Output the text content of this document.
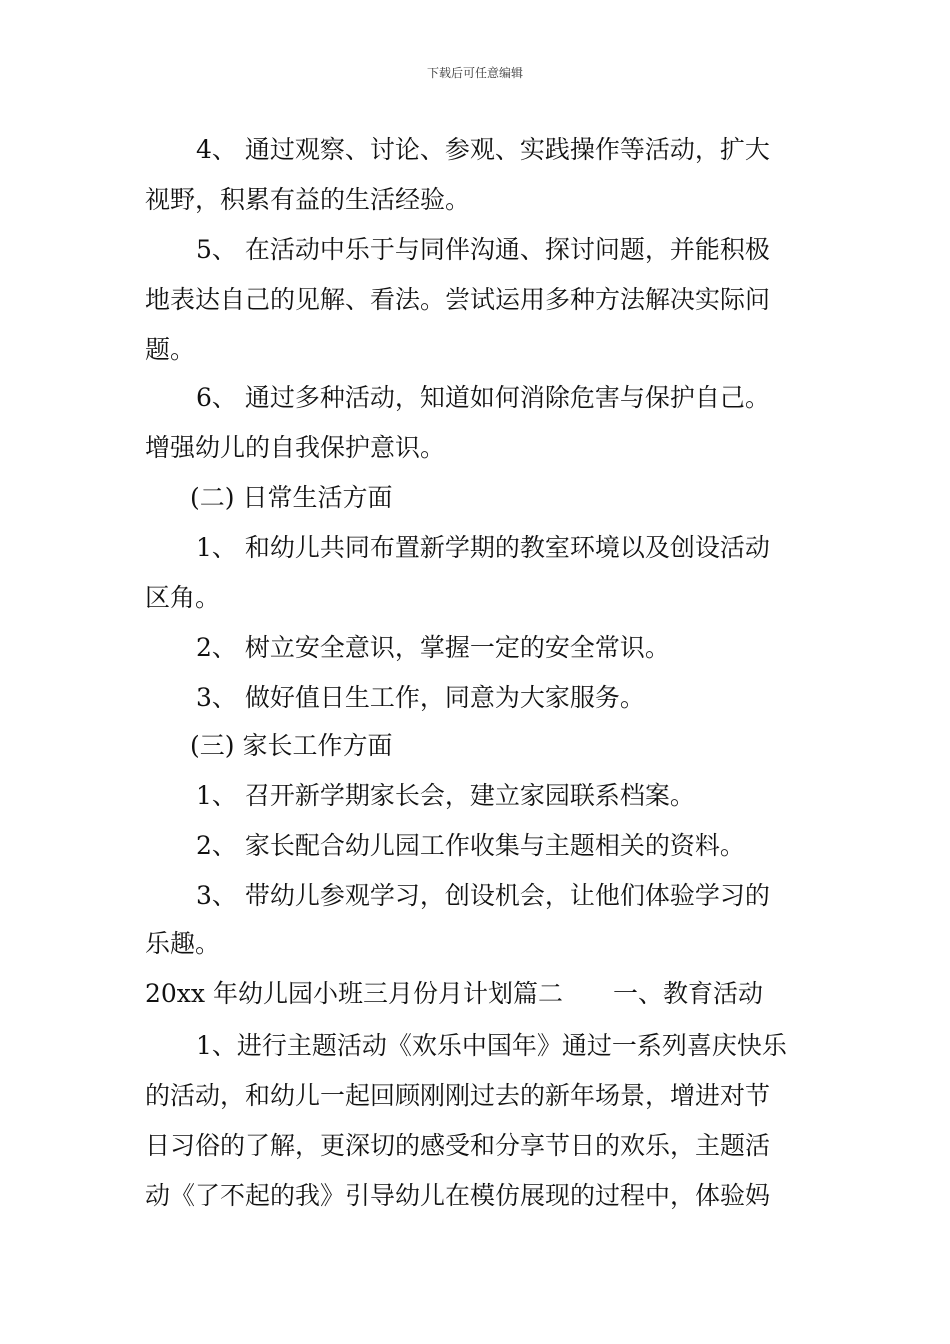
下载后可任意编辑
4、 通过观察、讨论、参观、实践操作等活动，扩大
视野，积累有益的生活经验。
5、 在活动中乐于与同伴沟通、探讨问题，并能积极
地表达自己的见解、看法。尝试运用多种方法解决实际问
题。
6、 通过多种活动，知道如何消除危害与保护自己。
增强幼儿的自我保护意识。
(二) 日常生活方面
1、 和幼儿共同布置新学期的教室环境以及创设活动
区角。
2、 树立安全意识，掌握一定的安全常识。
3、 做好值日生工作，同意为大家服务。
(三) 家长工作方面
1、 召开新学期家长会，建立家园联系档案。
2、 家长配合幼儿园工作收集与主题相关的资料。
3、 带幼儿参观学习，创设机会，让他们体验学习的
乐趣。
20xx 年幼儿园小班三月份月计划篇二　　一、教育活动
1、进行主题活动《欢乐中国年》通过一系列喜庆快乐
的活动，和幼儿一起回顾刚刚过去的新年场景，增进对节
日习俗的了解，更深切的感受和分享节日的欢乐，主题活
动《了不起的我》引导幼儿在模仿展现的过程中，体验妈
